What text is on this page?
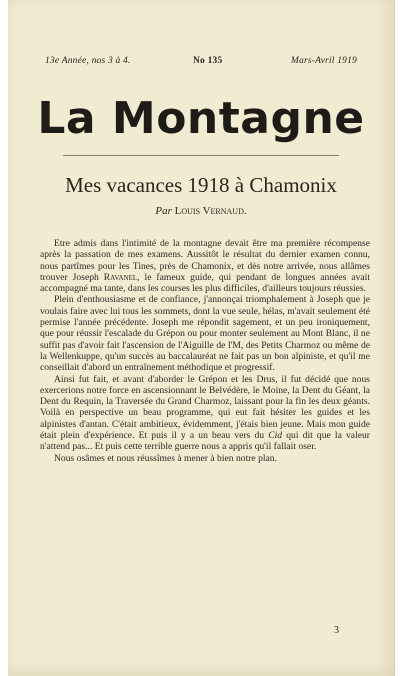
13e Année, nos 3 à 4.	No 135	Mars-Avril 1919
La Montagne
Mes vacances 1918 à Chamonix
Par Louis Vernaud.

Etre admis dans l'intimité de la montagne devait être ma première récompense après la passation de mes examens. Aussitôt le résultat du dernier examen connu, nous partîmes pour les Tines, près de Chamonix, et dès notre arrivée, nous allâmes trouver Joseph Ravanel, le fameux guide, qui pendant de longues années avait accompagné ma tante, dans les courses les plus difficiles, d'ailleurs toujours réussies.

Plein d'enthousiasme et de confiance, j'annonçai triomphalement à Joseph que je voulais faire avec lui tous les sommets, dont la vue seule, hélas, m'avait seulement été permise l'année précédente. Joseph me répondit sagement, et un peu ironiquement, que pour réussir l'escalade du Grépon ou pour monter seulement au Mont Blanc, il ne suffit pas d'avoir fait l'ascension de l'Aiguille de l'M, des Petits Charmoz ou même de la Wellenkuppe, qu'un succès au baccalauréat ne fait pas un bon alpiniste, et qu'il me conseillait d'abord un entraînement méthodique et progressif.

Ainsi fut fait, et avant d'aborder le Grépon et les Drus, il fut décidé que nous exercerions notre force en ascensionnant le Belvédère, le Moine, la Dent du Géant, la Dent du Requin, la Traversée du Grand Charmoz, laissant pour la fin les deux géants. Voilà en perspective un beau programme, qui eut fait hésiter les guides et les alpinistes d'antan. C'était ambitieux, évidemment, j'étais bien jeune. Mais mon guide était plein d'expérience. Et puis il y a un beau vers du Cid qui dit que la valeur n'attend pas... Et puis cette terrible guerre nous a appris qu'il fallait oser.

Nous osâmes et nous réussîmes à mener à bien notre plan.

3
